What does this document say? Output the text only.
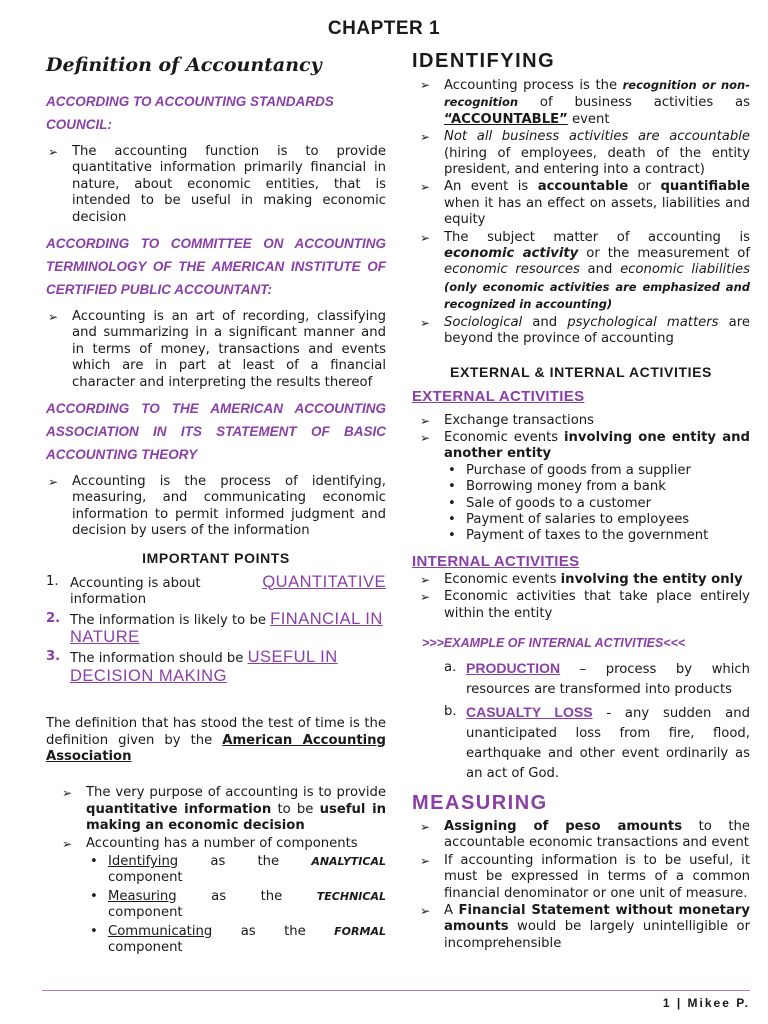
CHAPTER 1
Definition of Accountancy
ACCORDING TO ACCOUNTING STANDARDS COUNCIL:
➢ The accounting function is to provide quantitative information primarily financial in nature, about economic entities, that is intended to be useful in making economic decision
ACCORDING TO COMMITTEE ON ACCOUNTING TERMINOLOGY OF THE AMERICAN INSTITUTE OF CERTIFIED PUBLIC ACCOUNTANT:
➢ Accounting is an art of recording, classifying and summarizing in a significant manner and in terms of money, transactions and events which are in part at least of a financial character and interpreting the results thereof
ACCORDING TO THE AMERICAN ACCOUNTING ASSOCIATION IN ITS STATEMENT OF BASIC ACCOUNTING THEORY
➢ Accounting is the process of identifying, measuring, and communicating economic information to permit informed judgment and decision by users of the information
IMPORTANT POINTS
1. Accounting is about	QUANTITATIVE
information
2. The information is likely to be FINANCIAL IN NATURE
3. The information should be USEFUL IN DECISION MAKING
The definition that has stood the test of time is the definition given by the American Accounting Association
➢ The very purpose of accounting is to provide quantitative information to be useful in making an economic decision
➢ Accounting has a number of components
• Identifying as the	ANALYTICAL
component
• Measuring	as	the	TECHNICAL
component
• Communicating as the	FORMAL
component
IDENTIFYING
➢ Accounting process is the recognition or non-recognition of business activities as “ACCOUNTABLE” event
➢ Not all business activities are accountable (hiring of employees, death of the entity president, and entering into a contract)
➢ An event is accountable or quantifiable when it has an effect on assets, liabilities and equity
➢ The subject matter of accounting is economic activity or the measurement of economic resources and economic liabilities (only economic activities are emphasized and recognized in accounting)
➢ Sociological and psychological matters are beyond the province of accounting
EXTERNAL & INTERNAL ACTIVITIES
EXTERNAL ACTIVITIES
➢ Exchange transactions
➢ Economic events involving one entity and another entity
• Purchase of goods from a supplier
• Borrowing money from a bank
• Sale of goods to a customer
• Payment of salaries to employees
• Payment of taxes to the government
INTERNAL ACTIVITIES
➢ Economic events involving the entity only
➢ Economic activities that take place entirely within the entity
>>>EXAMPLE OF INTERNAL ACTIVITIES<<<
a. PRODUCTION – process by which resources are transformed into products
b. CASUALTY LOSS - any sudden and unanticipated loss from fire, flood, earthquake and other event ordinarily as an act of God.
MEASURING
➢ Assigning of peso amounts to the accountable economic transactions and event
➢ If accounting information is to be useful, it must be expressed in terms of a common financial denominator or one unit of measure.
➢ A Financial Statement without monetary amounts would be largely unintelligible or incomprehensible
1 | Mikee P.
